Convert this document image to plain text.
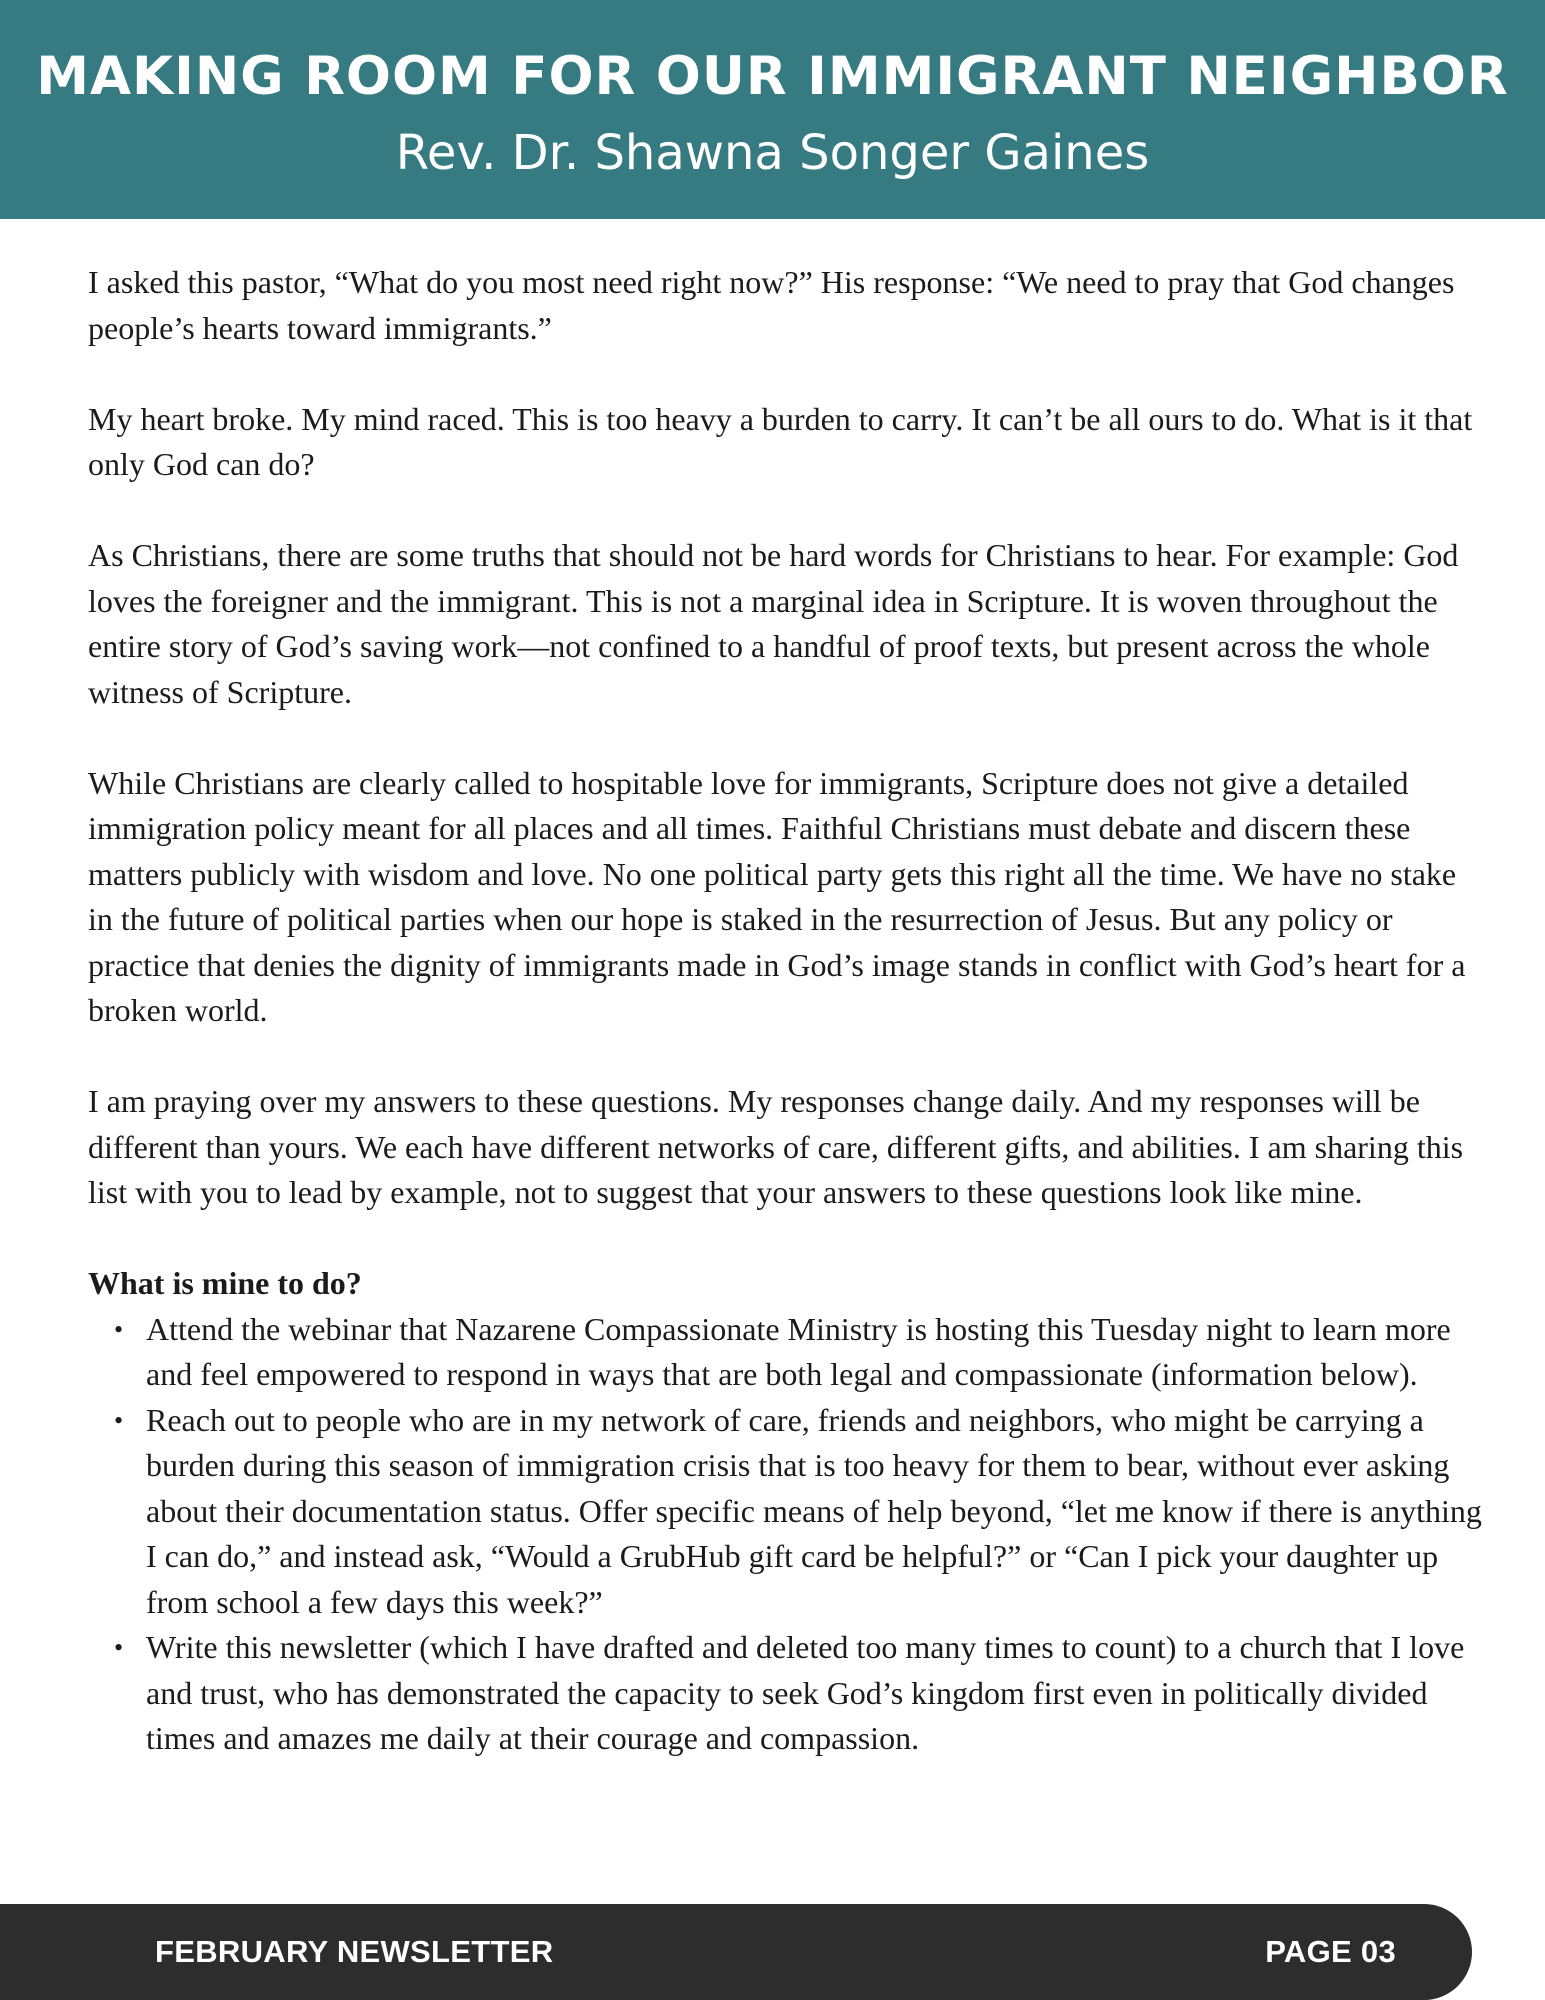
MAKING ROOM FOR OUR IMMIGRANT NEIGHBOR
Rev. Dr. Shawna Songer Gaines

I asked this pastor, “What do you most need right now?” His response: “We need to pray that God changes people’s hearts toward immigrants.”

My heart broke. My mind raced. This is too heavy a burden to carry. It can’t be all ours to do. What is it that only God can do?

As Christians, there are some truths that should not be hard words for Christians to hear. For example: God loves the foreigner and the immigrant. This is not a marginal idea in Scripture. It is woven throughout the entire story of God’s saving work—not confined to a handful of proof texts, but present across the whole witness of Scripture.

While Christians are clearly called to hospitable love for immigrants, Scripture does not give a detailed immigration policy meant for all places and all times. Faithful Christians must debate and discern these matters publicly with wisdom and love. No one political party gets this right all the time. We have no stake in the future of political parties when our hope is staked in the resurrection of Jesus. But any policy or practice that denies the dignity of immigrants made in God’s image stands in conflict with God’s heart for a broken world.

I am praying over my answers to these questions. My responses change daily. And my responses will be different than yours. We each have different networks of care, different gifts, and abilities. I am sharing this list with you to lead by example, not to suggest that your answers to these questions look like mine.

What is mine to do?
• Attend the webinar that Nazarene Compassionate Ministry is hosting this Tuesday night to learn more and feel empowered to respond in ways that are both legal and compassionate (information below).
• Reach out to people who are in my network of care, friends and neighbors, who might be carrying a burden during this season of immigration crisis that is too heavy for them to bear, without ever asking about their documentation status. Offer specific means of help beyond, “let me know if there is anything I can do,” and instead ask, “Would a GrubHub gift card be helpful?” or “Can I pick your daughter up from school a few days this week?”
• Write this newsletter (which I have drafted and deleted too many times to count) to a church that I love and trust, who has demonstrated the capacity to seek God’s kingdom first even in politically divided times and amazes me daily at their courage and compassion.
FEBRUARY NEWSLETTER	PAGE 03
